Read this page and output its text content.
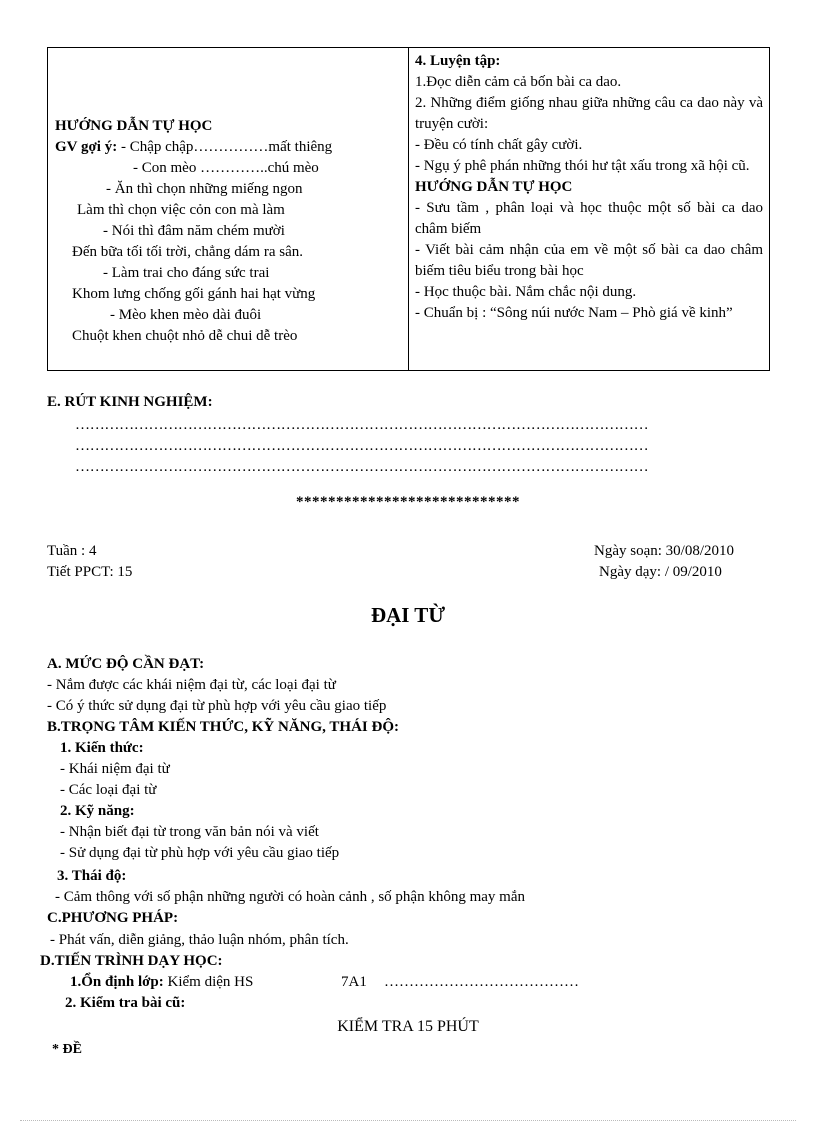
HƯỚNG DẪN TỰ HỌC
GV gợi ý: - Chập chập……………mất thiêng
- Con mèo …………..chú mèo
- Ăn thì chọn những miếng ngon
Làm thì chọn việc cỏn con mà làm
- Nói thì đâm năm chém mười
Đến bữa tối tối trời, chẳng dám ra sân.
- Làm trai cho đáng sức trai
Khom lưng chống gối gánh hai hạt vừng
- Mèo khen mèo dài đuôi
Chuột khen chuột nhỏ dễ chui dễ trèo

4. Luyện tập:
1.Đọc diễn cảm cả bốn bài ca dao.
2. Những điểm giống nhau giữa những câu ca dao này và truyện cười:
- Đều có tính chất gây cười.
- Ngụ ý phê phán những thói hư tật xấu trong xã hội cũ.
HƯỚNG DẪN TỰ HỌC
- Sưu tầm , phân loại và học thuộc một số bài ca dao châm biếm
- Viết bài cảm nhận của em về một số bài ca dao châm biếm tiêu biểu trong bài học
- Học thuộc bài. Nắm chắc nội dung.
- Chuẩn bị : “Sông núi nước Nam – Phò giá về kinh”
E. RÚT KINH NGHIỆM:
………………………………………………………………………………………………………
………………………………………………………………………………………………………
………………………………………………………………………………………………………
****************************
Tuần : 4
Tiết PPCT: 15
Ngày soạn: 30/08/2010
Ngày dạy: / 09/2010
ĐẠI TỪ
A. MỨC ĐỘ CẦN ĐẠT:
- Nắm được các khái niệm đại từ, các loại đại từ
- Có ý thức sử dụng đại từ phù hợp với yêu cầu giao tiếp
B.TRỌNG TÂM KIẾN THỨC, KỸ NĂNG, THÁI ĐỘ:
1. Kiến thức:
- Khái niệm đại từ
- Các loại đại từ
2. Kỹ năng:
- Nhận biết đại từ trong văn bản nói và viết
- Sử dụng đại từ phù hợp với yêu cầu giao tiếp
3. Thái độ:
- Cảm thông với số phận những người có hoàn cảnh , số phận không may mắn
C.PHƯƠNG PHÁP:
- Phát vấn, diễn giảng, thảo luận nhóm, phân tích.
D.TIẾN TRÌNH DẠY HỌC:
1.Ổn định lớp: Kiểm diện HS	7A1 …………………………………
2. Kiểm tra bài cũ:
KIỂM TRA 15 PHÚT
* ĐỀ
